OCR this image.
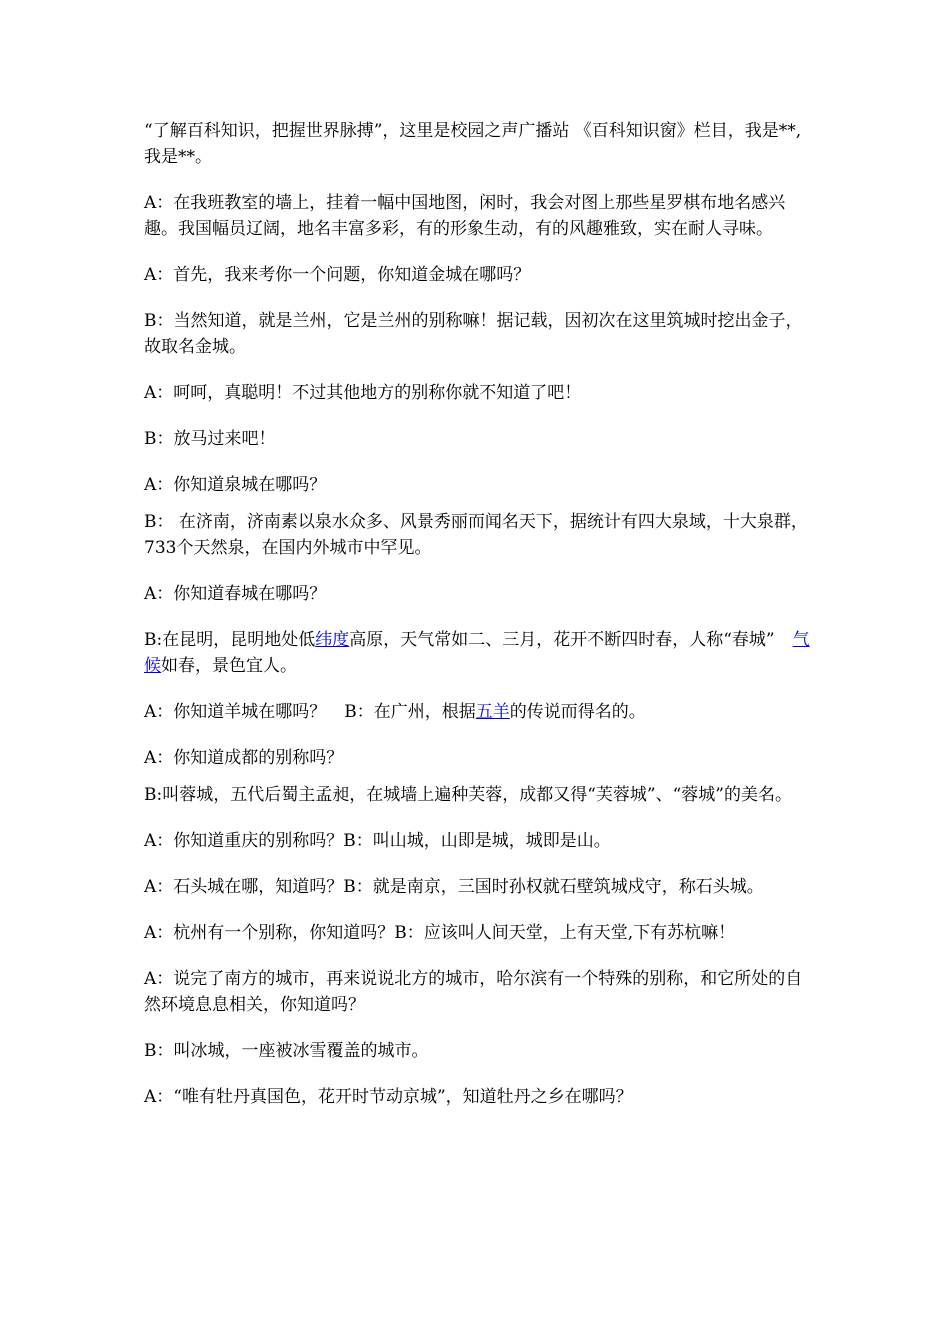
“了解百科知识，把握世界脉搏”，这里是校园之声广播站 《百科知识窗》栏目，我是**,我是**。

A：在我班教室的墙上，挂着一幅中国地图，闲时，我会对图上那些星罗棋布地名感兴趣。我国幅员辽阔，地名丰富多彩，有的形象生动，有的风趣雅致，实在耐人寻味。

A：首先，我来考你一个问题，你知道金城在哪吗？

B：当然知道，就是兰州，它是兰州的别称嘛！据记载，因初次在这里筑城时挖出金子，故取名金城。

A：呵呵，真聪明！不过其他地方的别称你就不知道了吧！

B：放马过来吧！

A：你知道泉城在哪吗？

B： 在济南，济南素以泉水众多、风景秀丽而闻名天下，据统计有四大泉域，十大泉群，733个天然泉，在国内外城市中罕见。

A：你知道春城在哪吗？

B:在昆明，昆明地处低纬度高原，天气常如二、三月，花开不断四时春，人称“春城” 气候如春，景色宜人。

A：你知道羊城在哪吗？ B：在广州，根据五羊的传说而得名的。

A：你知道成都的别称吗？

B:叫蓉城，五代后蜀主孟昶，在城墙上遍种芙蓉，成都又得“芙蓉城”、“蓉城”的美名。

A：你知道重庆的别称吗？B：叫山城，山即是城，城即是山。

A：石头城在哪，知道吗？B：就是南京，三国时孙权就石壁筑城戍守，称石头城。

A：杭州有一个别称，你知道吗？B：应该叫人间天堂，上有天堂,下有苏杭嘛！

A：说完了南方的城市，再来说说北方的城市，哈尔滨有一个特殊的别称，和它所处的自然环境息息相关，你知道吗？

B：叫冰城，一座被冰雪覆盖的城市。

A：“唯有牡丹真国色，花开时节动京城”，知道牡丹之乡在哪吗？
